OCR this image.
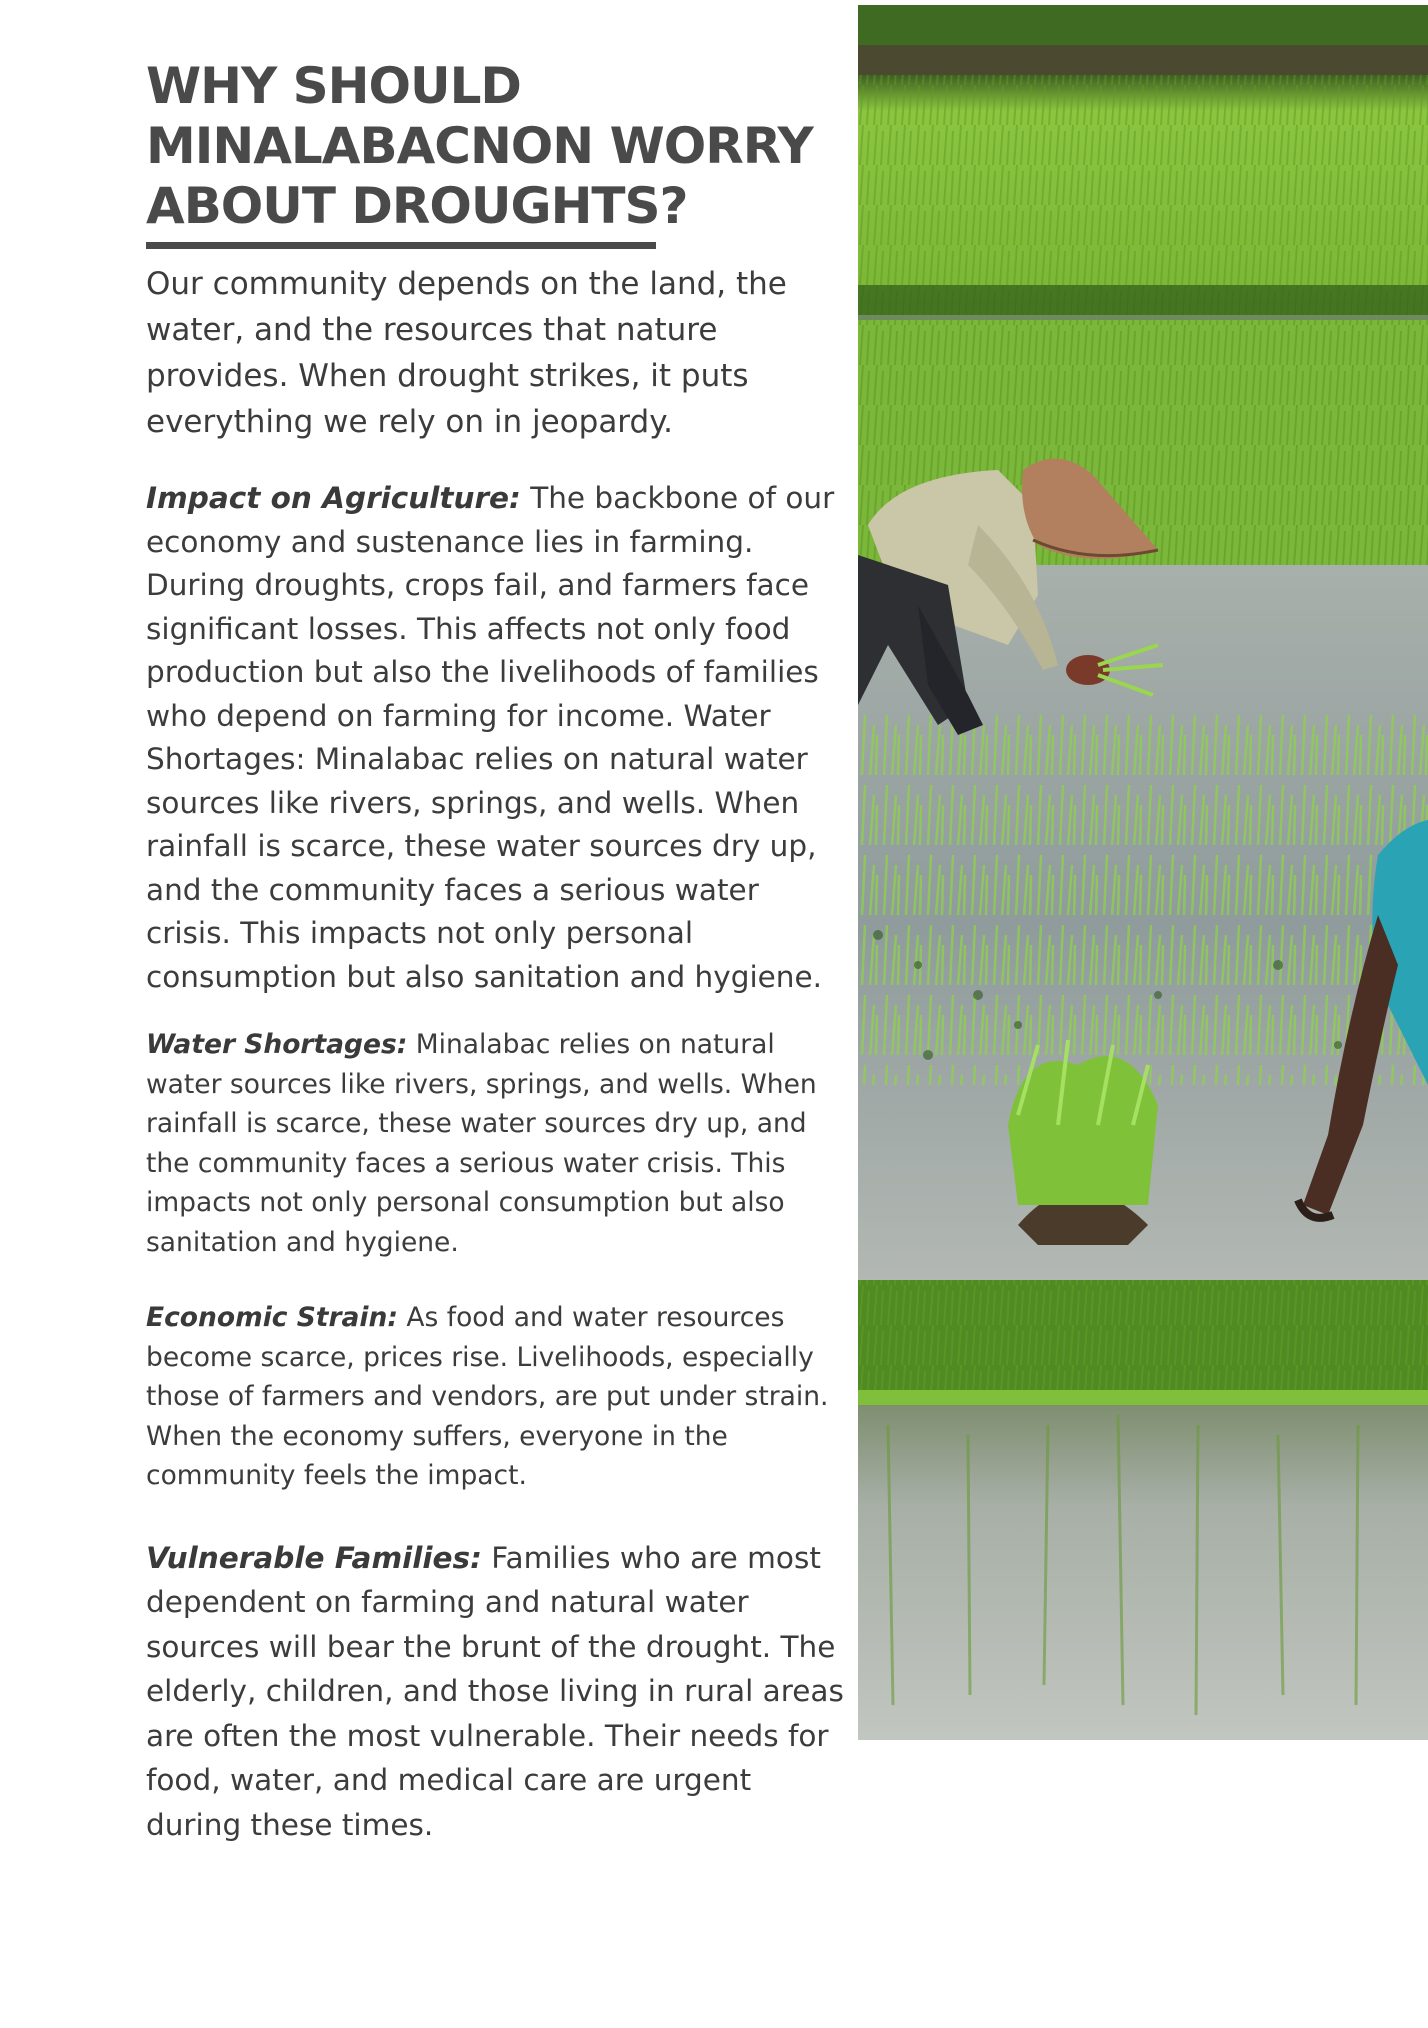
WHY SHOULD
MINALABACNON WORRY
ABOUT DROUGHTS?

Our community depends on the land, the water, and the resources that nature provides. When drought strikes, it puts everything we rely on in jeopardy.

Impact on Agriculture: The backbone of our economy and sustenance lies in farming. During droughts, crops fail, and farmers face significant losses. This affects not only food production but also the livelihoods of families who depend on farming for income. Water Shortages: Minalabac relies on natural water sources like rivers, springs, and wells. When rainfall is scarce, these water sources dry up, and the community faces a serious water crisis. This impacts not only personal consumption but also sanitation and hygiene.

Water Shortages: Minalabac relies on natural water sources like rivers, springs, and wells. When rainfall is scarce, these water sources dry up, and the community faces a serious water crisis. This impacts not only personal consumption but also sanitation and hygiene.

Economic Strain: As food and water resources become scarce, prices rise. Livelihoods, especially those of farmers and vendors, are put under strain. When the economy suffers, everyone in the community feels the impact.

Vulnerable Families: Families who are most dependent on farming and natural water sources will bear the brunt of the drought. The elderly, children, and those living in rural areas are often the most vulnerable. Their needs for food, water, and medical care are urgent during these times.
